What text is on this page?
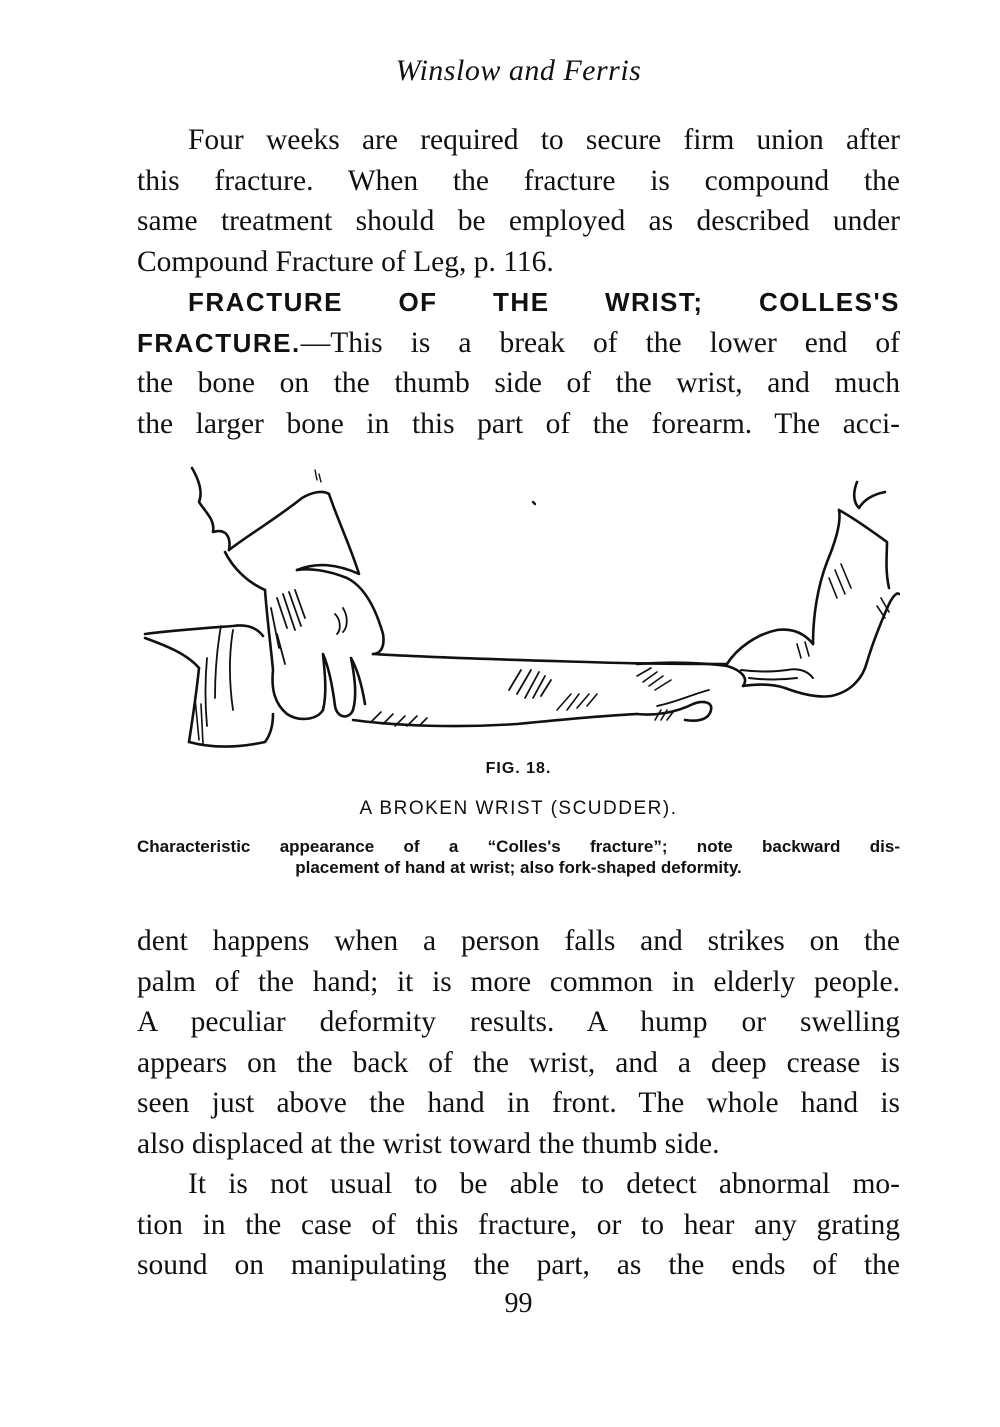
Winslow and Ferris
Four weeks are required to secure firm union after
this fracture. When the fracture is compound the
same treatment should be employed as described under
Compound Fracture of Leg, p. 116.
FRACTURE OF THE WRIST; COLLES'S
FRACTURE.—This is a break of the lower end of
the bone on the thumb side of the wrist, and much
the larger bone in this part of the forearm. The acci-
FIG. 18.
A BROKEN WRIST (SCUDDER).
Characteristic appearance of a “Colles's fracture”; note backward dis-
placement of hand at wrist; also fork-shaped deformity.
dent happens when a person falls and strikes on the
palm of the hand; it is more common in elderly people.
A peculiar deformity results. A hump or swelling
appears on the back of the wrist, and a deep crease is
seen just above the hand in front. The whole hand is
also displaced at the wrist toward the thumb side.
It is not usual to be able to detect abnormal mo-
tion in the case of this fracture, or to hear any grating
sound on manipulating the part, as the ends of the
99
